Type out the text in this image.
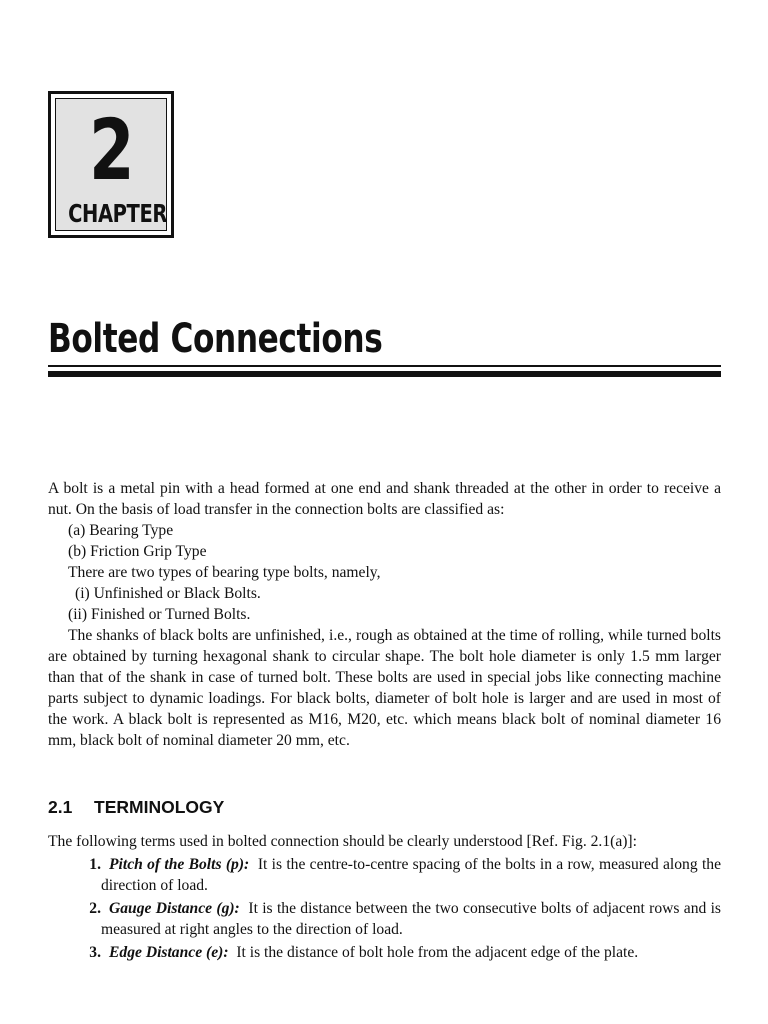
2
CHAPTER
Bolted Connections

A bolt is a metal pin with a head formed at one end and shank threaded at the other in order to receive a nut. On the basis of load transfer in the connection bolts are classified as:

(a) Bearing Type

(b) Friction Grip Type

There are two types of bearing type bolts, namely,

(i) Unfinished or Black Bolts.

(ii) Finished or Turned Bolts.

The shanks of black bolts are unfinished, i.e., rough as obtained at the time of rolling, while turned bolts are obtained by turning hexagonal shank to circular shape. The bolt hole diameter is only 1.5 mm larger than that of the shank in case of turned bolt. These bolts are used in special jobs like connecting machine parts subject to dynamic loadings. For black bolts, diameter of bolt hole is larger and are used in most of the work. A black bolt is represented as M16, M20, etc. which means black bolt of nominal diameter 16 mm, black bolt of nominal diameter 20 mm, etc.

2.1 TERMINOLOGY

The following terms used in bolted connection should be clearly understood [Ref. Fig. 2.1(a)]:

1. Pitch of the Bolts (p): It is the centre-to-centre spacing of the bolts in a row, measured along the direction of load.
2. Gauge Distance (g): It is the distance between the two consecutive bolts of adjacent rows and is measured at right angles to the direction of load.
3. Edge Distance (e): It is the distance of bolt hole from the adjacent edge of the plate.
